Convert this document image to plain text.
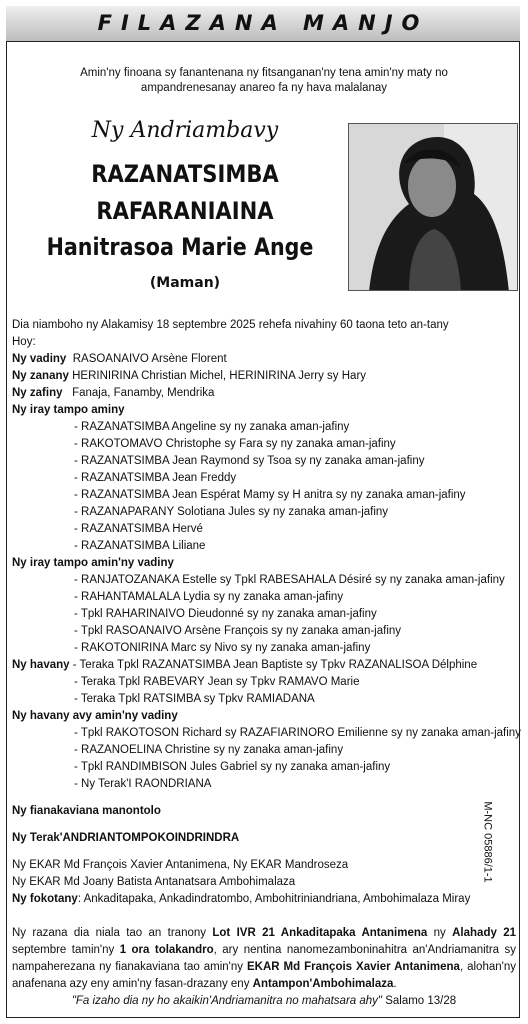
FILAZANA MANJO
Amin'ny finoana sy fanantenana ny fitsanganan'ny tena amin'ny maty no ampandrenesanay anareo fa ny hava malalanay
Ny Andriambavy
RAZANATSIMBA
RAFARANIAINA
Hanitrasoa Marie Ange
(Maman)
Dia niamboho ny Alakamisy 18 septembre 2025 rehefa nivahiny 60 taona teto an-tany
Hoy:
Ny vadiny RASOANAIVO Arsène Florent
Ny zanany HERINIRINA Christian Michel, HERINIRINA Jerry sy Hary
Ny zafiny Fanaja, Fanamby, Mendrika
Ny iray tampo aminy
- RAZANATSIMBA Angeline sy ny zanaka aman-jafiny
- RAKOTOMAVO Christophe sy Fara sy ny zanaka aman-jafiny
- RAZANATSIMBA Jean Raymond sy Tsoa sy ny zanaka aman-jafiny
- RAZANATSIMBA Jean Freddy
- RAZANATSIMBA Jean Espérat Mamy sy H anitra sy ny zanaka aman-jafiny
- RAZANAPARANY Solotiana Jules sy ny zanaka aman-jafiny
- RAZANATSIMBA Hervé
- RAZANATSIMBA Liliane
Ny iray tampo amin'ny vadiny
- RANJATOZANAKA Estelle sy Tpkl RABESAHALA Désiré sy ny zanaka aman-jafiny
- RAHANTAMALALA Lydia sy ny zanaka aman-jafiny
- Tpkl RAHARINAIVO Dieudonné sy ny zanaka aman-jafiny
- Tpkl RASOANAIVO Arsène François sy ny zanaka aman-jafiny
- RAKOTONIRINA Marc sy Nivo sy ny zanaka aman-jafiny
Ny havany - Teraka Tpkl RAZANATSIMBA Jean Baptiste sy Tpkv RAZANALISOA Délphine
- Teraka Tpkl RABEVARY Jean sy Tpkv RAMAVO Marie
- Teraka Tpkl RATSIMBA sy Tpkv RAMIADANA
Ny havany avy amin'ny vadiny
- Tpkl RAKOTOSON Richard sy RAZAFIARINORO Emilienne sy ny zanaka aman-jafiny
- RAZANOELINA Christine sy ny zanaka aman-jafiny
- Tpkl RANDIMBISON Jules Gabriel sy ny zanaka aman-jafiny
- Ny Terak'I RAONDRIANA
Ny fianakaviana manontolo
Ny Terak'ANDRIANTOMPOKOINDRINDRA
Ny EKAR Md François Xavier Antanimena, Ny EKAR Mandroseza
Ny EKAR Md Joany Batista Antanatsara Ambohimalaza
Ny fokotany: Ankaditapaka, Ankadindratombo, Ambohitriniandriana, Ambohimalaza Miray
Ny razana dia niala tao an tranony Lot IVR 21 Ankaditapaka Antanimena ny Alahady 21 septembre tamin'ny 1 ora tolakandro, ary nentina nanomezamboninahitra an'Andriamanitra sy nampaherezana ny fianakaviana tao amin'ny EKAR Md François Xavier Antanimena, alohan'ny anafenana azy eny amin'ny fasan-drazany eny Antampon'Ambohimalaza.
"Fa izaho dia ny ho akaikin'Andriamanitra no mahatsara ahy" Salamo 13/28
M-NC 05886/1-1
